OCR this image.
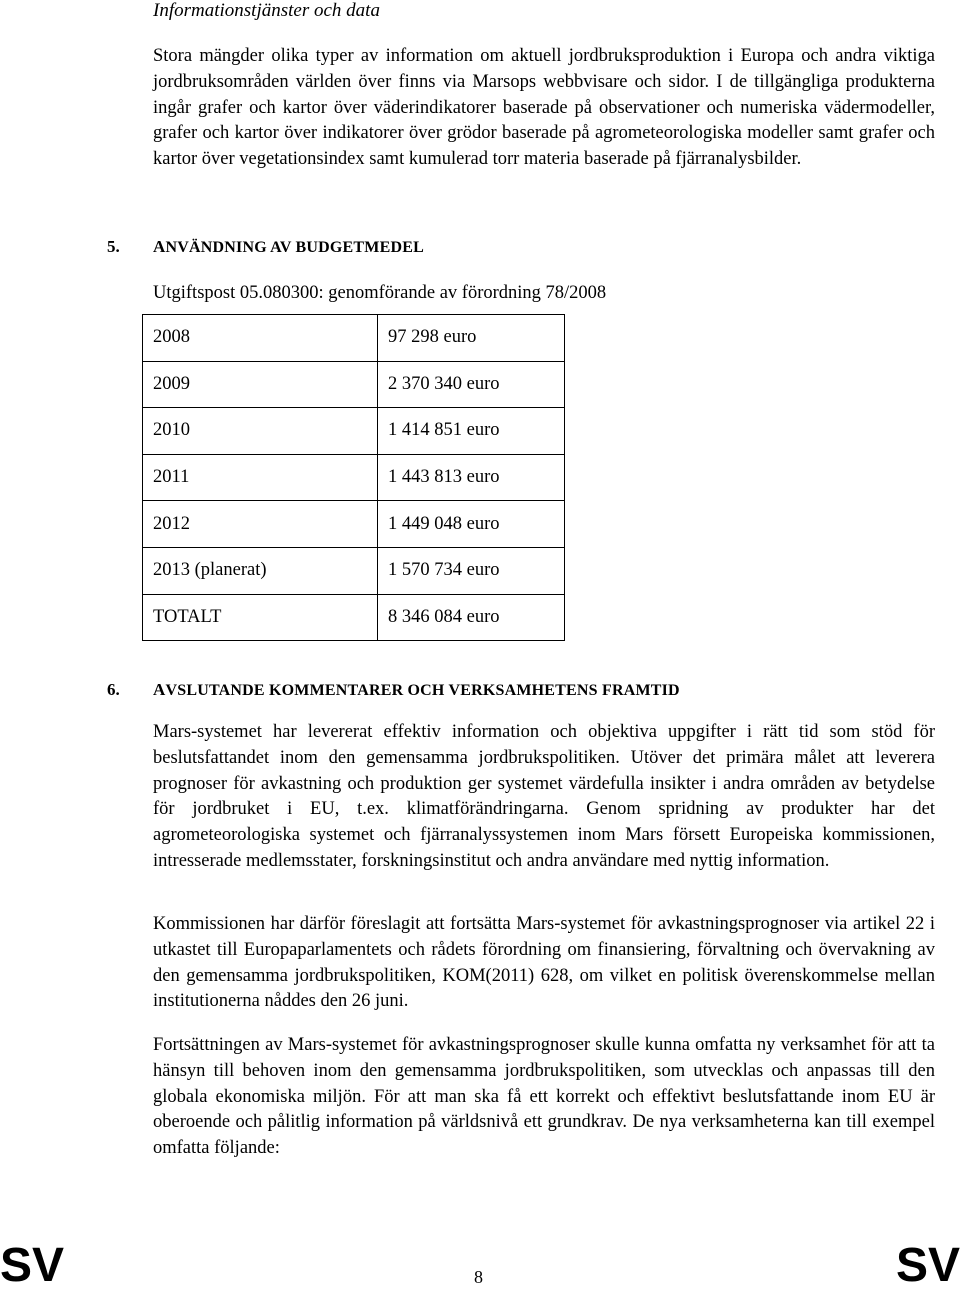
Informationstjänster och data

Stora mängder olika typer av information om aktuell jordbruksproduktion i Europa och andra viktiga jordbruksområden världen över finns via Marsops webbvisare och sidor. I de tillgängliga produkterna ingår grafer och kartor över väderindikatorer baserade på observationer och numeriska vädermodeller, grafer och kartor över indikatorer över grödor baserade på agrometeorologiska modeller samt grafer och kartor över vegetationsindex samt kumulerad torr materia baserade på fjärranalysbilder.

5. ANVÄNDNING AV BUDGETMEDEL
Utgiftspost 05.080300: genomförande av förordning 78/2008
2008	97 298 euro
2009	2 370 340 euro
2010	1 414 851 euro
2011	1 443 813 euro
2012	1 449 048 euro
2013 (planerat)	1 570 734 euro
TOTALT	8 346 084 euro
6. AVSLUTANDE KOMMENTARER OCH VERKSAMHETENS FRAMTID

Mars-systemet har levererat effektiv information och objektiva uppgifter i rätt tid som stöd för beslutsfattandet inom den gemensamma jordbrukspolitiken. Utöver det primära målet att leverera prognoser för avkastning och produktion ger systemet värdefulla insikter i andra områden av betydelse för jordbruket i EU, t.ex. klimatförändringarna. Genom spridning av produkter har det agrometeorologiska systemet och fjärranalyssystemen inom Mars försett Europeiska kommissionen, intresserade medlemsstater, forskningsinstitut och andra användare med nyttig information.

Kommissionen har därför föreslagit att fortsätta Mars-systemet för avkastningsprognoser via artikel 22 i utkastet till Europaparlamentets och rådets förordning om finansiering, förvaltning och övervakning av den gemensamma jordbrukspolitiken, KOM(2011) 628, om vilket en politisk överenskommelse mellan institutionerna nåddes den 26 juni.

Fortsättningen av Mars-systemet för avkastningsprognoser skulle kunna omfatta ny verksamhet för att ta hänsyn till behoven inom den gemensamma jordbrukspolitiken, som utvecklas och anpassas till den globala ekonomiska miljön. För att man ska få ett korrekt och effektivt beslutsfattande inom EU är oberoende och pålitlig information på världsnivå ett grundkrav. De nya verksamheterna kan till exempel omfatta följande:

SV	8	SV
